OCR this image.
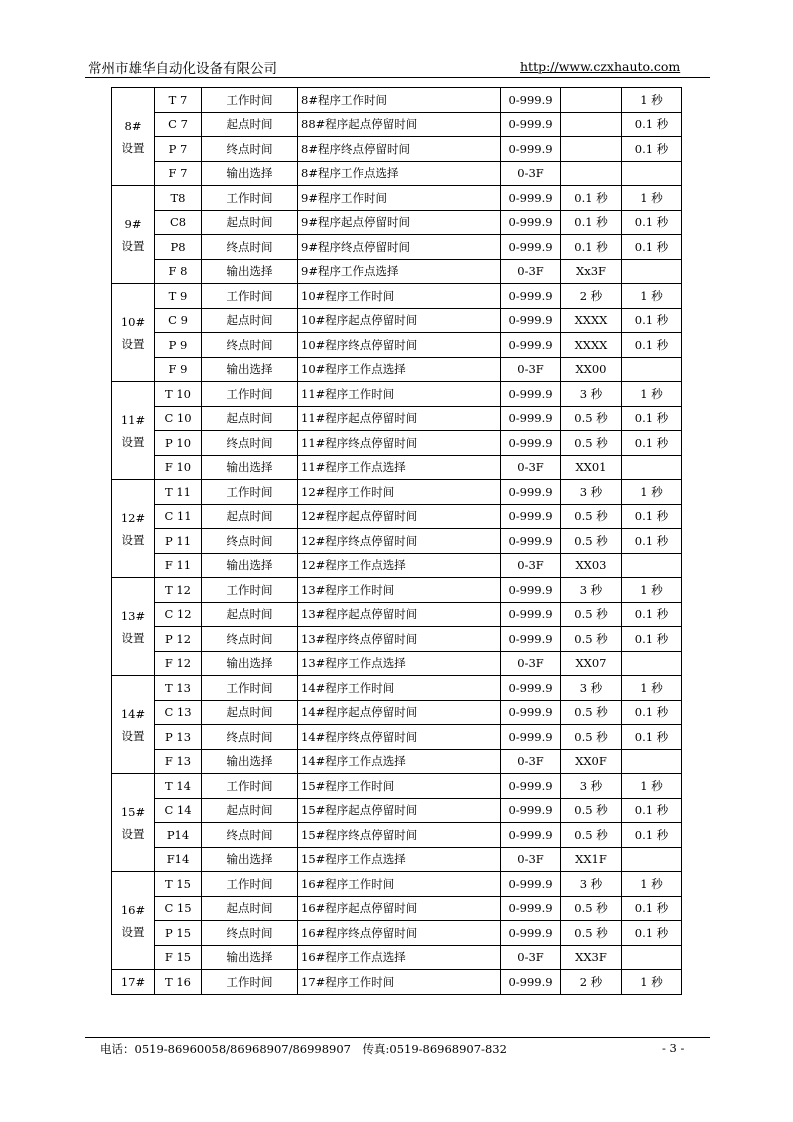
常州市雄华自动化设备有限公司	http://www.czxhauto.com
8#
设置	T 7	工作时间	8#程序工作时间	0-999.9		1 秒
	C 7	起点时间	88#程序起点停留时间	0-999.9		0.1 秒
	P 7	终点时间	8#程序终点停留时间	0-999.9		0.1 秒
	F 7	输出选择	8#程序工作点选择	0-3F		
9#
设置	T8	工作时间	9#程序工作时间	0-999.9	0.1 秒	1 秒
	C8	起点时间	9#程序起点停留时间	0-999.9	0.1 秒	0.1 秒
	P8	终点时间	9#程序终点停留时间	0-999.9	0.1 秒	0.1 秒
	F 8	输出选择	9#程序工作点选择	0-3F	Xx3F	
10#
设置	T 9	工作时间	10#程序工作时间	0-999.9	2 秒	1 秒
	C 9	起点时间	10#程序起点停留时间	0-999.9	XXXX	0.1 秒
	P 9	终点时间	10#程序终点停留时间	0-999.9	XXXX	0.1 秒
	F 9	输出选择	10#程序工作点选择	0-3F	XX00	
11#
设置	T 10	工作时间	11#程序工作时间	0-999.9	3 秒	1 秒
	C 10	起点时间	11#程序起点停留时间	0-999.9	0.5 秒	0.1 秒
	P 10	终点时间	11#程序终点停留时间	0-999.9	0.5 秒	0.1 秒
	F 10	输出选择	11#程序工作点选择	0-3F	XX01	
12#
设置	T 11	工作时间	12#程序工作时间	0-999.9	3 秒	1 秒
	C 11	起点时间	12#程序起点停留时间	0-999.9	0.5 秒	0.1 秒
	P 11	终点时间	12#程序终点停留时间	0-999.9	0.5 秒	0.1 秒
	F 11	输出选择	12#程序工作点选择	0-3F	XX03	
13#
设置	T 12	工作时间	13#程序工作时间	0-999.9	3 秒	1 秒
	C 12	起点时间	13#程序起点停留时间	0-999.9	0.5 秒	0.1 秒
	P 12	终点时间	13#程序终点停留时间	0-999.9	0.5 秒	0.1 秒
	F 12	输出选择	13#程序工作点选择	0-3F	XX07	
14#
设置	T 13	工作时间	14#程序工作时间	0-999.9	3 秒	1 秒
	C 13	起点时间	14#程序起点停留时间	0-999.9	0.5 秒	0.1 秒
	P 13	终点时间	14#程序终点停留时间	0-999.9	0.5 秒	0.1 秒
	F 13	输出选择	14#程序工作点选择	0-3F	XX0F	
15#
设置	T 14	工作时间	15#程序工作时间	0-999.9	3 秒	1 秒
	C 14	起点时间	15#程序起点停留时间	0-999.9	0.5 秒	0.1 秒
	P14	终点时间	15#程序终点停留时间	0-999.9	0.5 秒	0.1 秒
	F14	输出选择	15#程序工作点选择	0-3F	XX1F	
16#
设置	T 15	工作时间	16#程序工作时间	0-999.9	3 秒	1 秒
	C 15	起点时间	16#程序起点停留时间	0-999.9	0.5 秒	0.1 秒
	P 15	终点时间	16#程序终点停留时间	0-999.9	0.5 秒	0.1 秒
	F 15	输出选择	16#程序工作点选择	0-3F	XX3F	
17#	T 16	工作时间	17#程序工作时间	0-999.9	2 秒	1 秒
电话：0519-86960058/86968907/86998907　传真:0519-86968907-832	- 3 -
